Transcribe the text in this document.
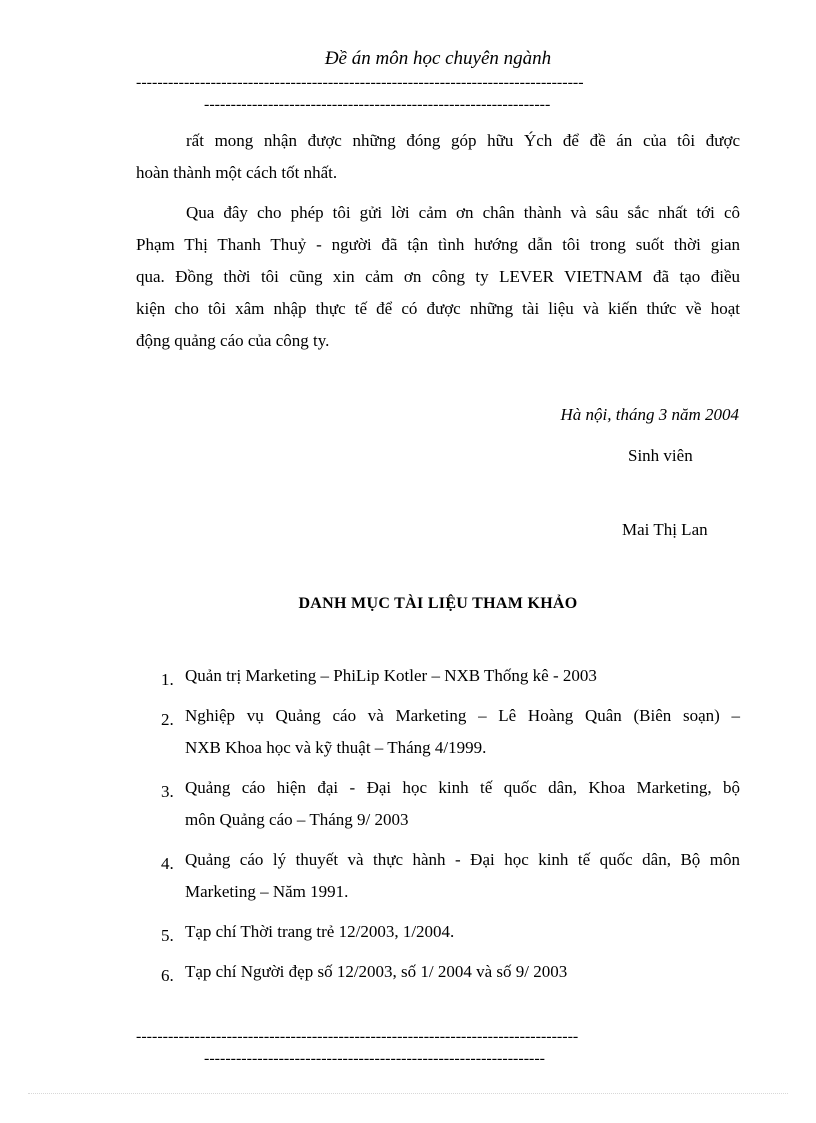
Đề án môn học chuyên ngành
------------------------------------------------------------------------------------
-----------------------------------------------------------------
rất mong nhận được những đóng góp hữu Ých để đề án của tôi được
hoàn thành một cách tốt nhất.
Qua đây cho phép tôi gửi lời cảm ơn chân thành và sâu sắc nhất tới cô
Phạm Thị Thanh Thuỷ - người đã tận tình hướng dẫn tôi trong suốt thời gian
qua. Đồng thời tôi cũng xin cảm ơn công ty LEVER VIETNAM đã tạo điều
kiện cho tôi xâm nhập thực tế để có được những tài liệu và kiến thức về hoạt
động quảng cáo của công ty.
Hà nội, tháng 3 năm 2004
Sinh viên
Mai Thị Lan
DANH MỤC TÀI LIỆU THAM KHẢO
1. Quản trị Marketing – PhiLip Kotler – NXB Thống kê - 2003
2. Nghiệp vụ Quảng cáo và Marketing – Lê Hoàng Quân (Biên soạn) –
NXB Khoa học và kỹ thuật – Tháng 4/1999.
3. Quảng cáo hiện đại - Đại học kinh tế quốc dân, Khoa Marketing, bộ
môn Quảng cáo – Tháng 9/ 2003
4. Quảng cáo lý thuyết và thực hành - Đại học kinh tế quốc dân, Bộ môn
Marketing – Năm 1991.
5. Tạp chí Thời trang trẻ 12/2003, 1/2004.
6. Tạp chí Người đẹp số 12/2003, số 1/ 2004 và số 9/ 2003
-----------------------------------------------------------------------------------
----------------------------------------------------------------
